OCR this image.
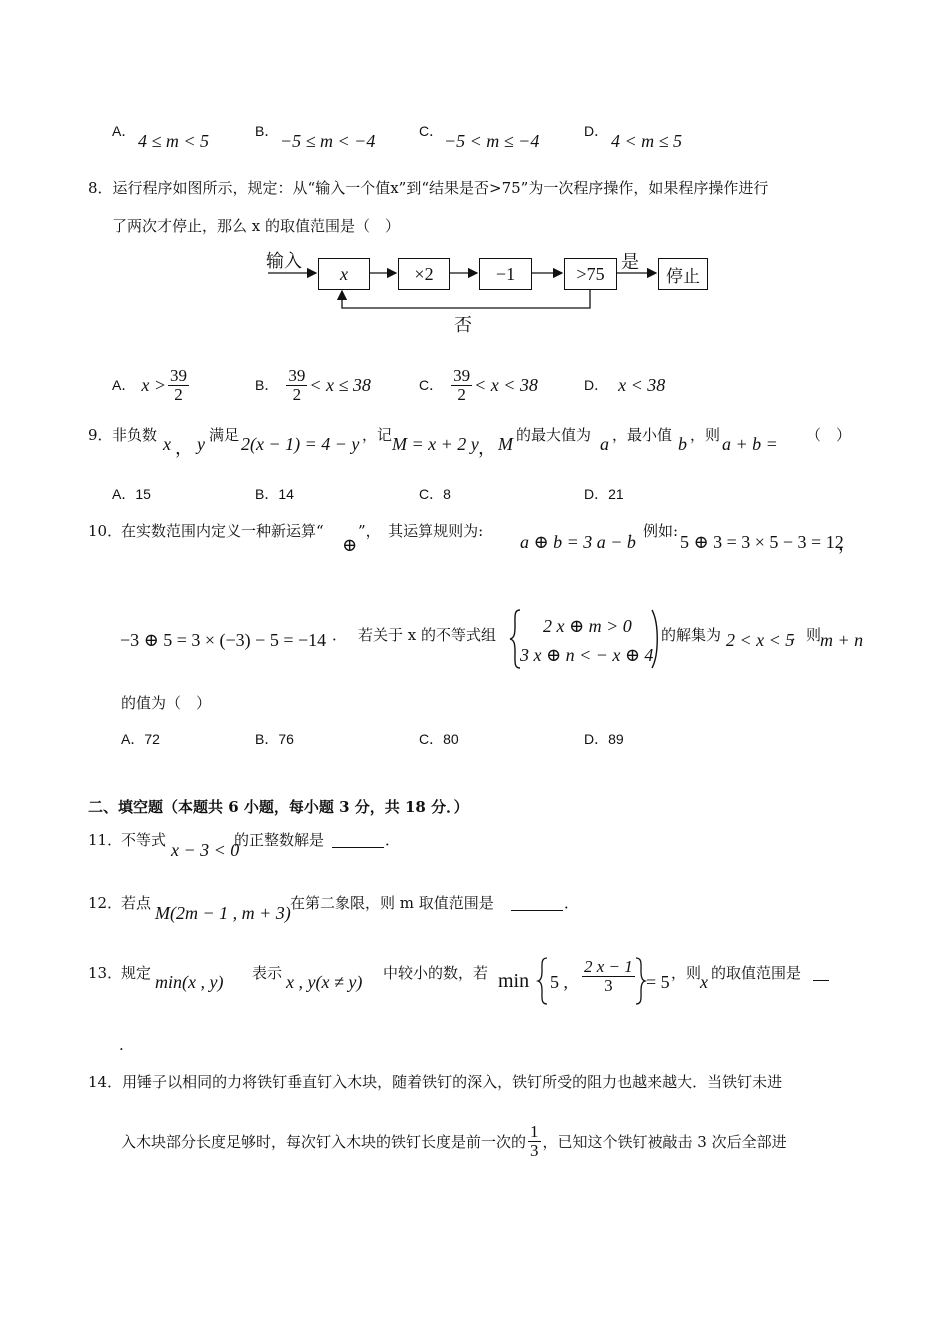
A． 4 ≤ m < 5	B． −5 ≤ m < −4	C． −5 < m ≤ −4	D． 4 < m ≤ 5
8．运行程序如图所示，规定：从“输入一个值x”到“结果是否>75”为一次程序操作，如果程序操作进行
了两次才停止，那么 x 的取值范围是（　）
输入
x	×2	−1	>75
是
停止
否
A． $x > \frac{39}{2}$	B． $\frac{39}{2} < x \le 38$	C． $\frac{39}{2} < x < 38$	D． x < 38
9． 非负数 x ， y 满足 2(x − 1) = 4 − y ，记 M = x + 2 y ， M 的最大值为 a ，最小值 b ，则 a + b = （　）
A．15	B．14	C．8	D．21
10．
在实数范围内定义一种新运算“
⊕
”，　其运算规则为:
a ⊕ b = 3 a − b
．例如:
5 ⊕ 3 = 3 × 5 − 3 = 12
，
−3 ⊕ 5 = 3 × (−3) − 5 = −14 ． 若关于 x 的不等式组	2 x ⊕ m > 0
3 x ⊕ n < − x ⊕ 4
的解集为 2 < x < 5
．则
m + n
的值为（　）
A．72	B．76	C．80	D．89
二、填空题（本题共 6 小题，每小题 3 分，共 18 分．）
11．
不等式 x − 3 < 0
的正整数解是
	．
12．
若点 M(2m − 1 , m + 3) 在第二象限，则 m 取值范围是
	．
13．
规定 min(x , y) 表示 x , y(x ≠ y) 中较小的数，若 min 5 , $\frac{2 x - 1}{3} = 5$ ，则
x 的取值范围是

.
14．用锤子以相同的力将铁钉垂直钉入木块，随着铁钉的深入，铁钉所受的阻力也越来越大．当铁钉未进
入木块部分长度足够时，每次钉入木块的铁钉长度是前一次的 $\frac{1}{3}$ ，已知这个铁钉被敲击 3 次后全部进
